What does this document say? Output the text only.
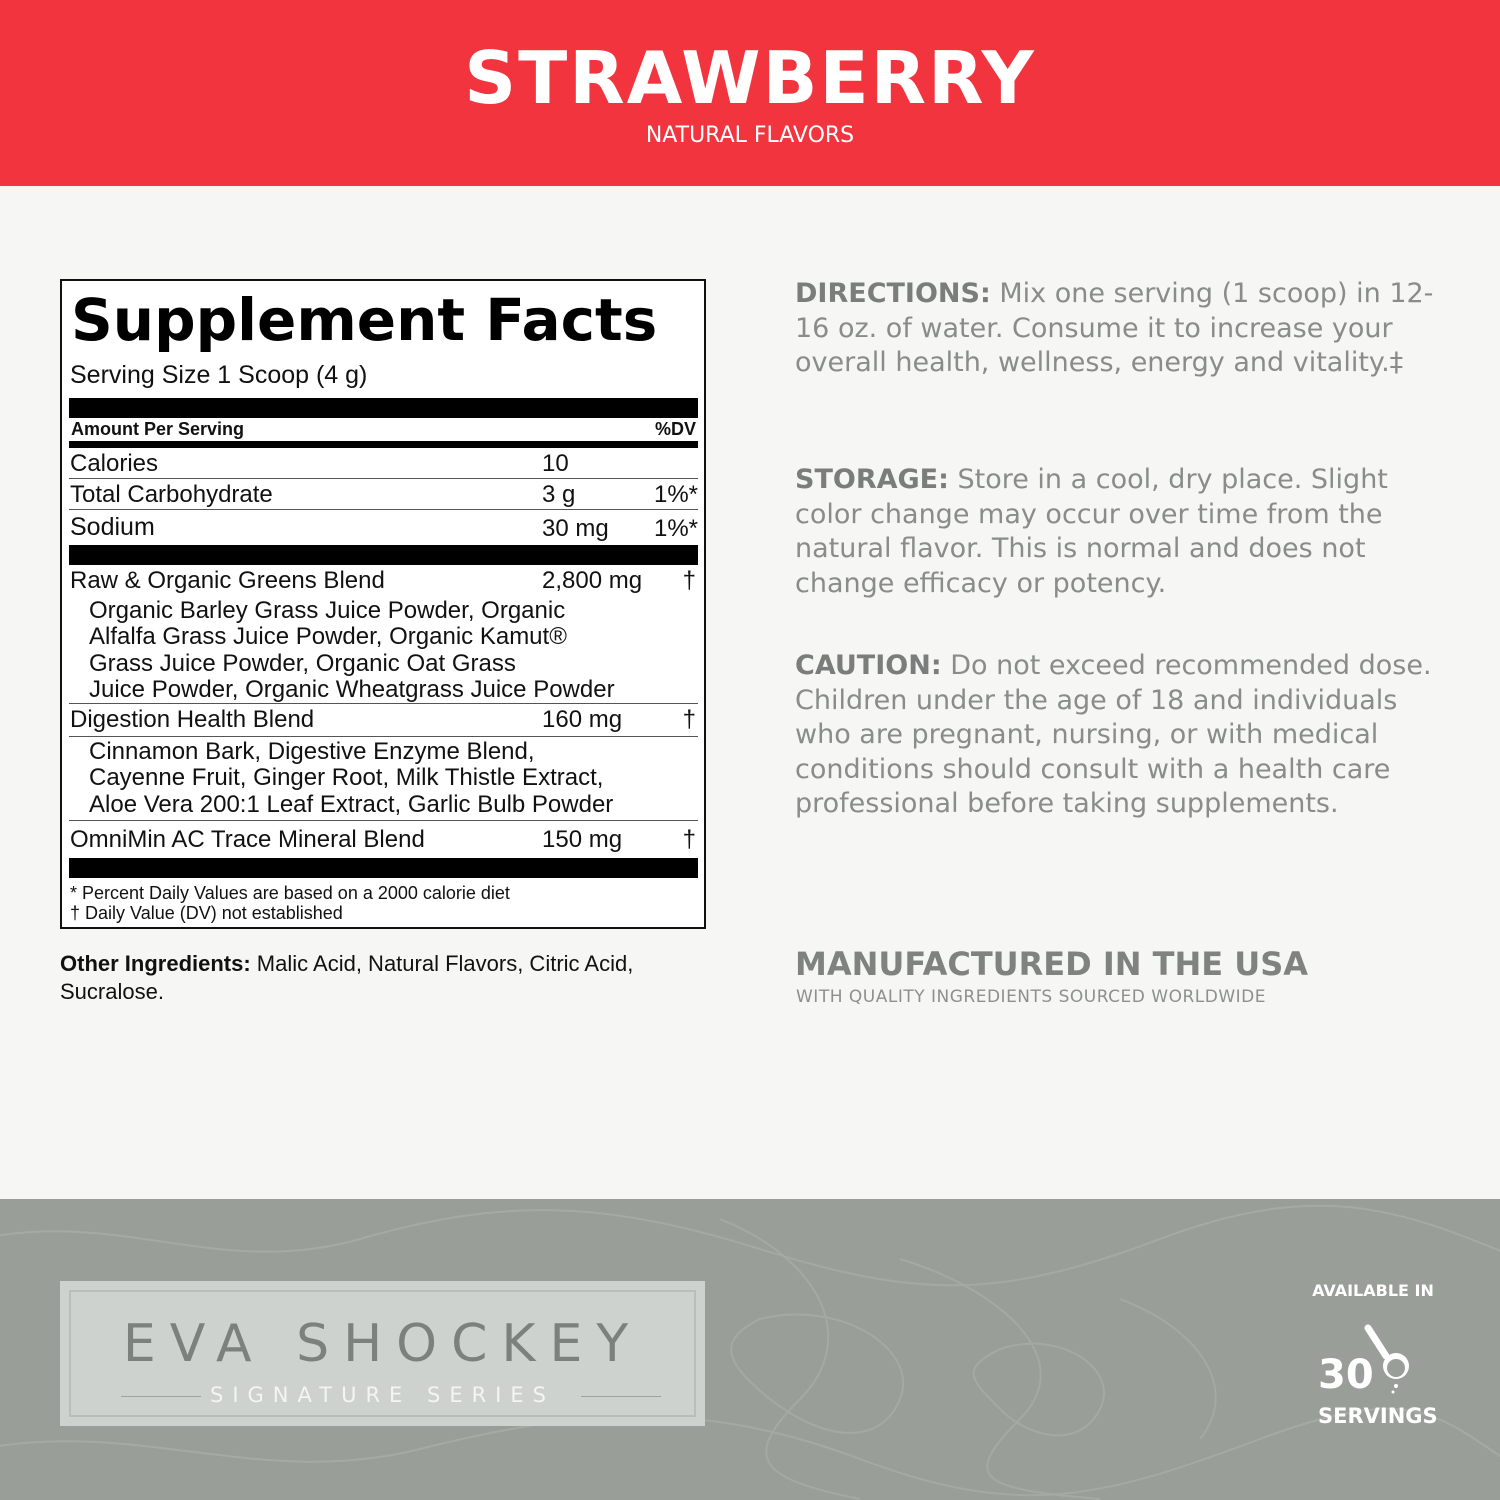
STRAWBERRY
NATURAL FLAVORS
Supplement Facts
Serving Size 1 Scoop (4 g)
Amount Per Serving	%DV
Calories	10
Total Carbohydrate	3 g	1%*
Sodium	30 mg 1%*
Raw & Organic Greens Blend	2,800 mg †
Organic Barley Grass Juice Powder, Organic
Alfalfa Grass Juice Powder, Organic Kamut®
Grass Juice Powder, Organic Oat Grass
Juice Powder, Organic Wheatgrass Juice Powder
Digestion Health Blend	160 mg	†
Cinnamon Bark, Digestive Enzyme Blend,
Cayenne Fruit, Ginger Root, Milk Thistle Extract,
Aloe Vera 200:1 Leaf Extract, Garlic Bulb Powder
OmniMin AC Trace Mineral Blend	150 mg	†
* Percent Daily Values are based on a 2000 calorie diet
† Daily Value (DV) not established
Other Ingredients: Malic Acid, Natural Flavors, Citric Acid, Sucralose.
DIRECTIONS: Mix one serving (1 scoop) in 12-16 oz. of water. Consume it to increase your overall health, wellness, energy and vitality.‡
STORAGE: Store in a cool, dry place. Slight color change may occur over time from the natural flavor. This is normal and does not change efficacy or potency.
CAUTION: Do not exceed recommended dose. Children under the age of 18 and individuals who are pregnant, nursing, or with medical conditions should consult with a health care professional before taking supplements.
MANUFACTURED IN THE USA
WITH QUALITY INGREDIENTS SOURCED WORLDWIDE
EVA SHOCKEY
SIGNATURE SERIES
AVAILABLE IN
30
SERVINGS
